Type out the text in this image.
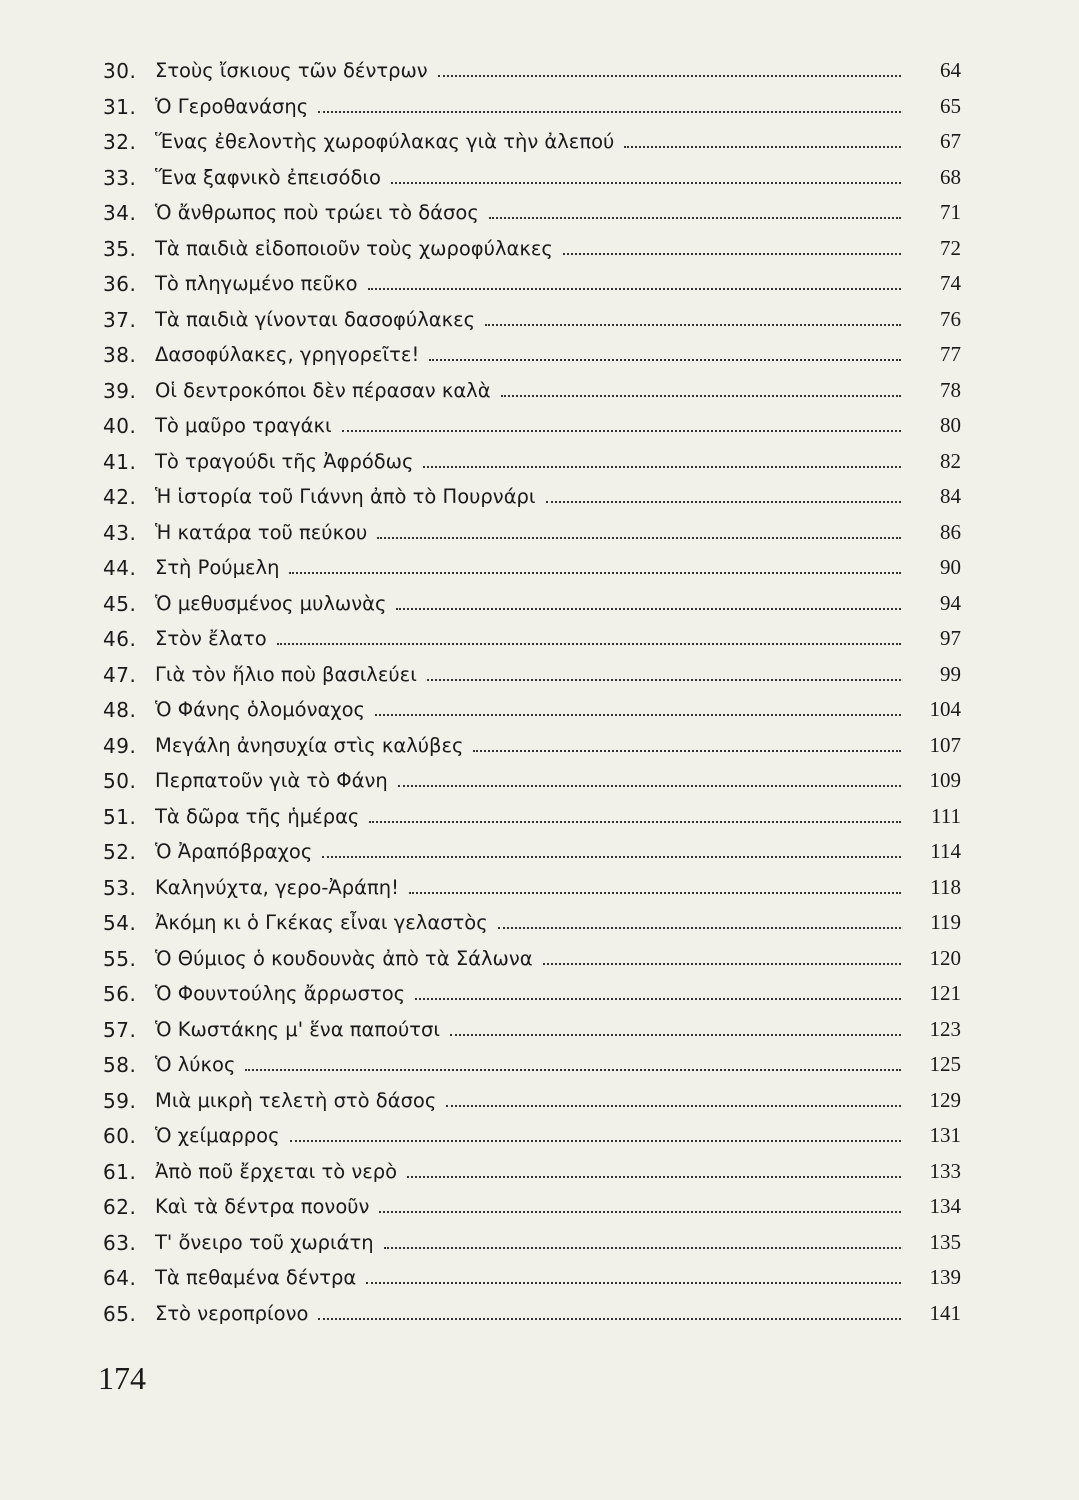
30. Στοὺς ἴσκιους τῶν δέντρων	64
31. Ὁ Γεροθανάσης	65
32. Ἕνας ἐθελοντὴς χωροφύλακας γιὰ τὴν ἀλεπού	67
33. Ἕνα ξαφνικὸ ἐπεισόδιο	68
34. Ὁ ἄνθρωπος ποὺ τρώει τὸ δάσος	71
35. Τὰ παιδιὰ εἰδοποιοῦν τοὺς χωροφύλακες	72
36. Τὸ πληγωμένο πεῦκο	74
37. Τὰ παιδιὰ γίνονται δασοφύλακες	76
38. Δασοφύλακες, γρηγορεῖτε!	77
39. Οἱ δεντροκόποι δὲν πέρασαν καλὰ	78
40. Τὸ μαῦρο τραγάκι	80
41. Τὸ τραγούδι τῆς Ἀφρόδως	82
42. Ἡ ἱστορία τοῦ Γιάννη ἀπὸ τὸ Πουρνάρι	84
43. Ἡ κατάρα τοῦ πεύκου	86
44. Στὴ Ρούμελη	90
45. Ὁ μεθυσμένος μυλωνὰς	94
46. Στὸν ἔλατο	97
47. Γιὰ τὸν ἥλιο ποὺ βασιλεύει	99
48. Ὁ Φάνης ὁλομόναχος	104
49. Μεγάλη ἀνησυχία στὶς καλύβες	107
50. Περπατοῦν γιὰ τὸ Φάνη	109
51. Τὰ δῶρα τῆς ἡμέρας	111
52. Ὁ Ἀραπόβραχος	114
53. Καληνύχτα, γερο-Ἀράπη!	118
54. Ἀκόμη κι ὁ Γκέκας εἶναι γελαστὸς	119
55. Ὁ Θύμιος ὁ κουδουνὰς ἀπὸ τὰ Σάλωνα	120
56. Ὁ Φουντούλης ἄρρωστος	121
57. Ὁ Κωστάκης μ' ἕνα παπούτσι	123
58. Ὁ λύκος	125
59. Μιὰ μικρὴ τελετὴ στὸ δάσος	129
60. Ὁ χείμαρρος	131
61. Ἀπὸ ποῦ ἔρχεται τὸ νερὸ	133
62. Καὶ τὰ δέντρα πονοῦν	134
63. Τ' ὄνειρο τοῦ χωριάτη	135
64. Τὰ πεθαμένα δέντρα	139
65. Στὸ νεροπρίονο	141
174
